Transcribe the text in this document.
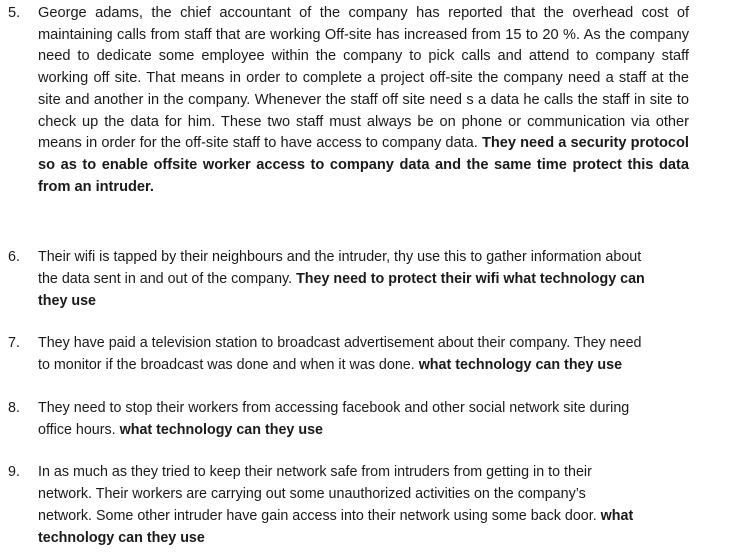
5.	George adams, the chief accountant of the company has reported that the overhead cost of maintaining calls from staff that are working Off-site has increased from 15 to 20 %. As the company need to dedicate some employee within the company to pick calls and attend to company staff working off site. That means in order to complete a project off-site the company need a staff at the site and another in the company. Whenever the staff off site need s a data he calls the staff in site to check up the data for him. These two staff must always be on phone or communication via other means in order for the off-site staff to have access to company data. They need a security protocol so as to enable offsite worker access to company data and the same time protect this data from an intruder.
6.	Their wifi is tapped by their neighbours and the intruder, thy use this to gather information about
the data sent in and out of the company. They need to protect their wifi what technology can
they use
7.	They have paid a television station to broadcast advertisement about their company. They need
to monitor if the broadcast was done and when it was done. what technology can they use
8.	They need to stop their workers from accessing facebook and other social network site during
office hours. what technology can they use
9.	In as much as they tried to keep their network safe from intruders from getting in to their
network. Their workers are carrying out some unauthorized activities on the company’s
network. Some other intruder have gain access into their network using some back door. what
technology can they use
